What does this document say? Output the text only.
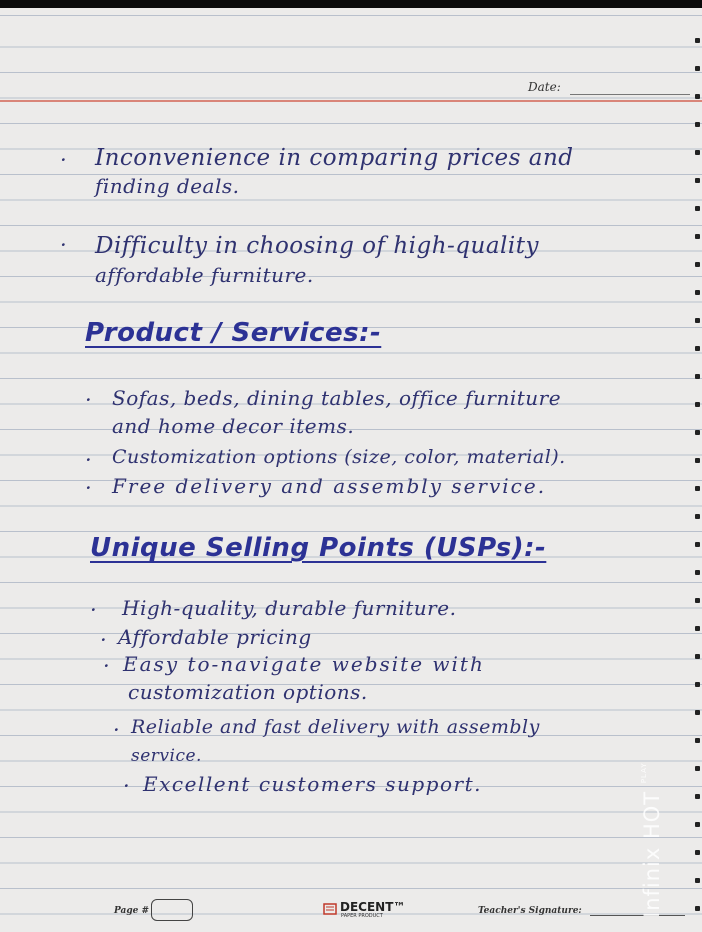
Date:
· Inconvenience in comparing prices and
finding deals.
· Difficulty in choosing of high-quality
affordable furniture.
Product / Services:-
· Sofas, beds, dining tables, office furniture
and home decor items.
· Customization options (size, color, material).
· Free delivery and assembly service.
Unique Selling Points (USPs):-
· High-quality, durable furniture.
· Affordable pricing
· Easy to-navigate website with
customization options.
· Reliable and fast delivery with assembly
service.
· Excellent customers support.
Page #	DECENT™
PAPER PRODUCT	Teacher's Signature:	Infinix HOT $^{PLAY}$
